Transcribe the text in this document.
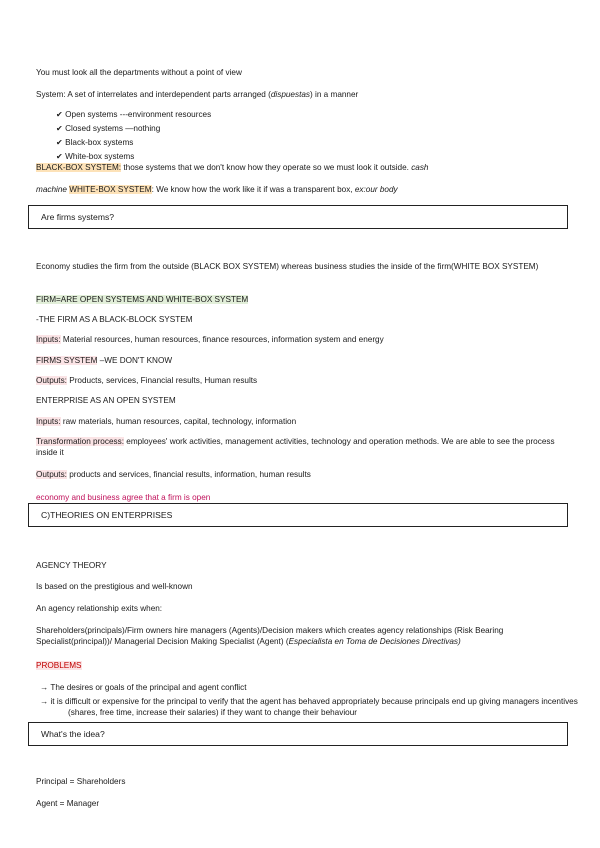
You must look all the departments without a point of view
System: A set of interrelates and interdependent parts arranged (dispuestas) in a manner
✔ Open systems ---environment resources
✔ Closed systems —nothing
✔ Black-box systems
✔ White-box systems
BLACK-BOX SYSTEM: those systems that we don't know how they operate so we must look it outside. cash
machine WHITE-BOX SYSTEM: We know how the work like it if was a transparent box, ex:our body
Are firms systems?
Economy studies the firm from the outside (BLACK BOX SYSTEM) whereas business studies the inside of the firm(WHITE BOX SYSTEM)
FIRM=ARE OPEN SYSTEMS AND WHITE-BOX SYSTEM
-THE FIRM AS A BLACK-BLOCK SYSTEM
Inputs: Material resources, human resources, finance resources, information system and energy
FIRMS SYSTEM –WE DON'T KNOW
Outputs: Products, services, Financial results, Human results
ENTERPRISE AS AN OPEN SYSTEM
Inputs: raw materials, human resources, capital, technology, information
Transformation process: employees' work activities, management activities, technology and operation methods. We are able to see the process inside it
Outputs: products and services, financial results, information, human results
economy and business agree that a firm is open
C)THEORIES ON ENTERPRISES
AGENCY THEORY
Is based on the prestigious and well-known
An agency relationship exits when:
Shareholders(principals)/Firm owners hire managers (Agents)/Decision makers which creates agency relationships (Risk Bearing Specialist(principal))/ Managerial Decision Making Specialist (Agent) (Especialista en Toma de Decisiones Directivas)
PROBLEMS
→ The desires or goals of the principal and agent conflict
→ it is difficult or expensive for the principal to verify that the agent has behaved appropriately because principals end up giving managers incentives (shares, free time, increase their salaries) if they want to change their behaviour
What's the idea?
Principal = Shareholders
Agent = Manager
